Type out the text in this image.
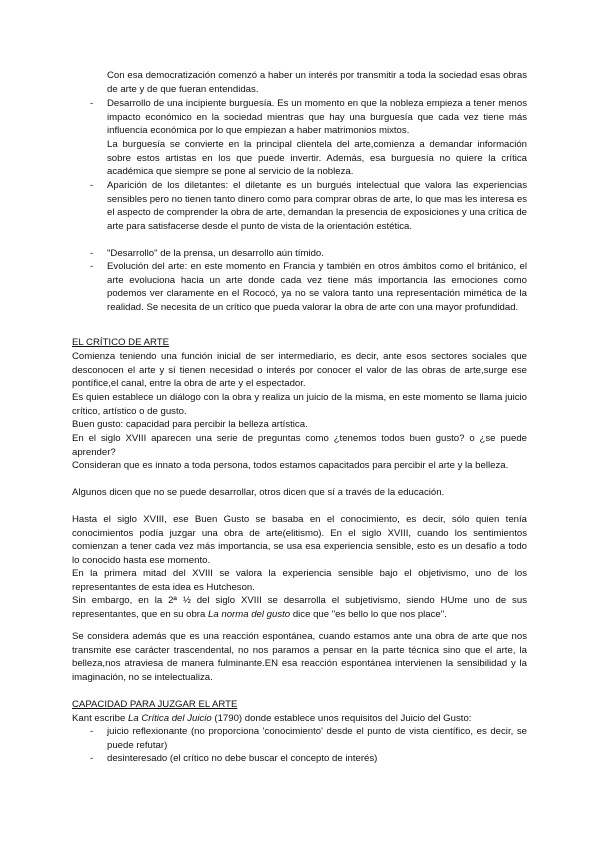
Con esa democratización comenzó a haber un interés por transmitir a toda la sociedad esas obras de arte y de que fueran entendidas.

- Desarrollo de una incipiente burguesía. Es un momento en que la nobleza empieza a tener menos impacto económico en la sociedad mientras que hay una burguesía que cada vez tiene más influencia económica por lo que empiezan a haber matrimonios mixtos.

La burguesía se convierte en la principal clientela del arte,comienza a demandar información sobre estos artistas en los que puede invertir. Además, esa burguesía no quiere la crítica académica que siempre se pone al servicio de la nobleza.

- Aparición de los diletantes: el diletante es un burgués intelectual que valora las experiencias sensibles pero no tienen tanto dinero como para comprar obras de arte, lo que mas les interesa es el aspecto de comprender la obra de arte, demandan la presencia de exposiciones y una crítica de arte para satisfacerse desde el punto de vista de la orientación estética.

- "Desarrollo" de la prensa, un desarrollo aún tímido.

- Evolución del arte: en este momento en Francia y también en otros ámbitos como el británico, el arte evoluciona hacia un arte donde cada vez tiene más importancia las emociones como podemos ver claramente en el Rococó, ya no se valora tanto una representación mimética de la realidad. Se necesita de un crítico que pueda valorar la obra de arte con una mayor profundidad.

EL CRÍTICO DE ARTE

Comienza teniendo una función inicial de ser intermediario, es decir, ante esos sectores sociales que desconocen el arte y sí tienen necesidad o interés por conocer el valor de las obras de arte,surge ese pontífice,el canal, entre la obra de arte y el espectador.

Es quien establece un diálogo con la obra y realiza un juicio de la misma, en este momento se llama juicio crítico, artístico o de gusto.

Buen gusto: capacidad para percibir la belleza artística.

En el siglo XVIII aparecen una serie de preguntas como ¿tenemos todos buen gusto? o ¿se puede aprender?

Consideran que es innato a toda persona, todos estamos capacitados para percibir el arte y la belleza.

Algunos dicen que no se puede desarrollar, otros dicen que sí a través de la educación.

Hasta el siglo XVIII, ese Buen Gusto se basaba en el conocimiento, es decir, sólo quien tenía conocimientos podía juzgar una obra de arte(elitismo). En el siglo XVIII, cuando los sentimientos comienzan a tener cada vez más importancia, se usa esa experiencia sensible, esto es un desafío a todo lo conocido hasta ese momento.

En la primera mitad del XVIII se valora la experiencia sensible bajo el objetivismo, uno de los representantes de esta idea es Hutcheson.

Sin embargo, en la 2ª ½ del siglo XVIII se desarrolla el subjetivismo, siendo HUme uno de sus representantes, que en su obra La norma del gusto dice que "es bello lo que nos place".

Se considera además que es una reacción espontánea, cuando estamos ante una obra de arte que nos transmite ese carácter trascendental, no nos paramos a pensar en la parte técnica sino que el arte, la belleza,nos atraviesa de manera fulminante.EN esa reacción espontánea intervienen la sensibilidad y la imaginación, no se intelectualiza.

CAPACIDAD PARA JUZGAR EL ARTE

Kant escribe La Crítica del Juicio (1790) donde establece unos requisitos del Juicio del Gusto:

- juicio reflexionante (no proporciona 'conocimiento' desde el punto de vista científico, es decir, se puede refutar)

- desinteresado (el crítico no debe buscar el concepto de interés)
